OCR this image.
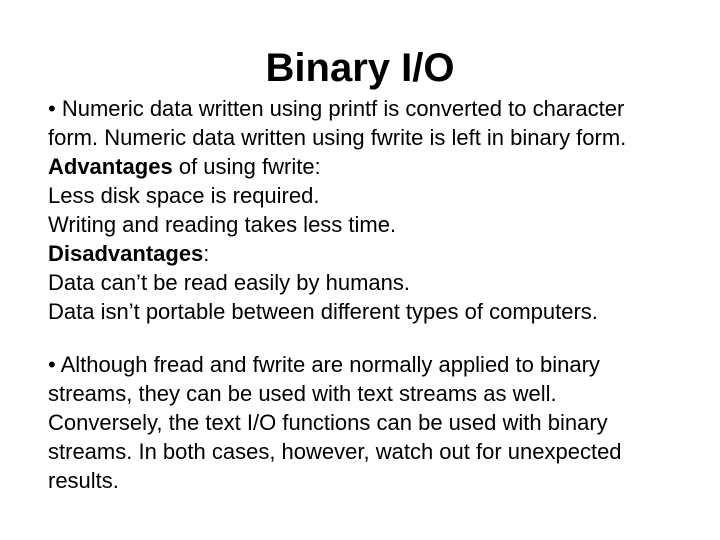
Binary I/O
• Numeric data written using printf is converted to character
form. Numeric data written using fwrite is left in binary form.
Advantages of using fwrite:
Less disk space is required.
Writing and reading takes less time.
Disadvantages:
Data can’t be read easily by humans.
Data isn’t portable between different types of computers.
• Although fread and fwrite are normally applied to binary
streams, they can be used with text streams as well.
Conversely, the text I/O functions can be used with binary
streams. In both cases, however, watch out for unexpected
results.
